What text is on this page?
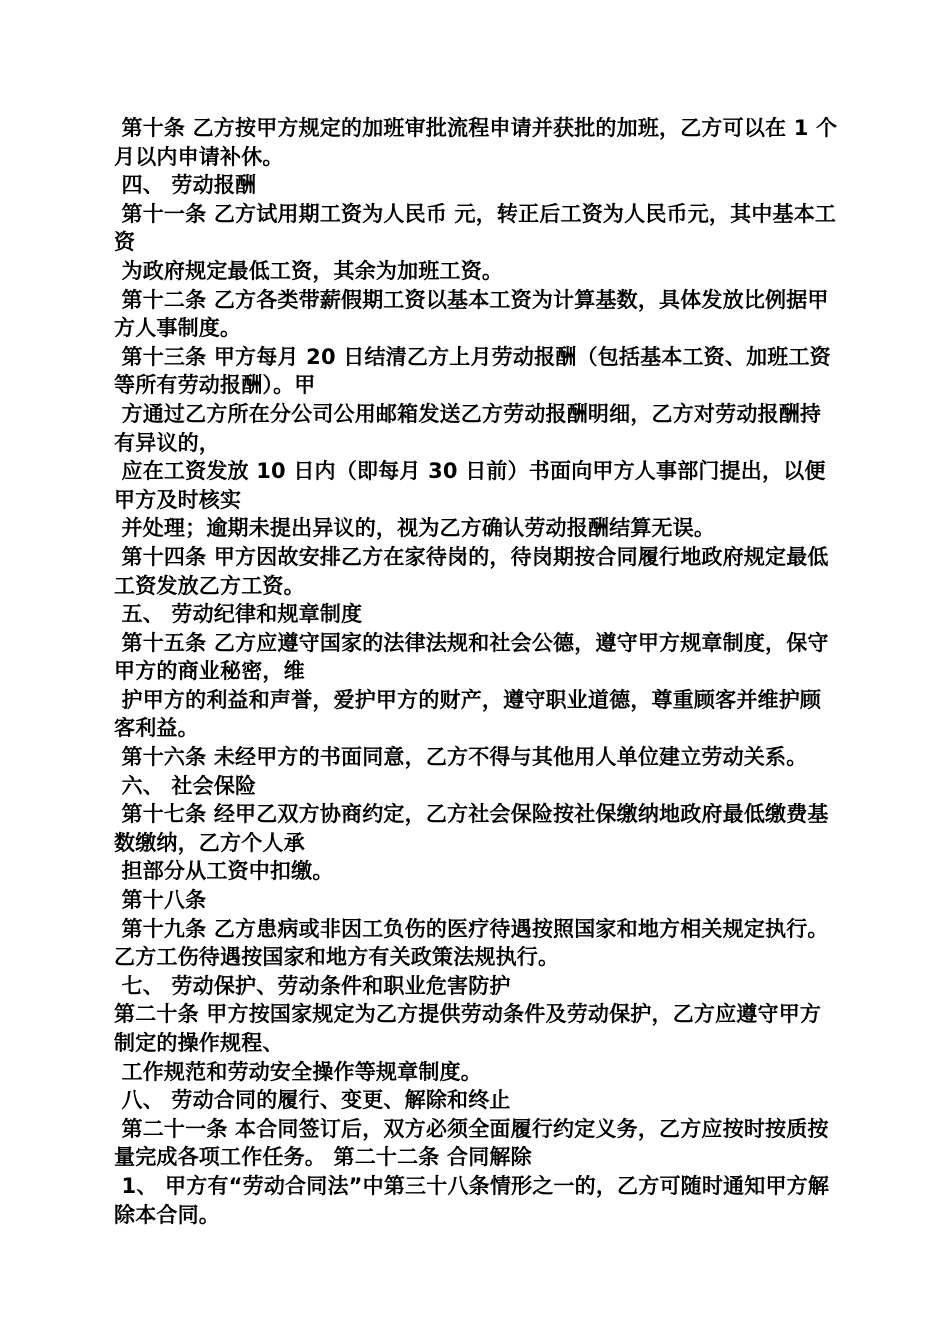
第十条 乙方按甲方规定的加班审批流程申请并获批的加班，乙方可以在 1 个月以内申请补休。

四、 劳动报酬

第十一条 乙方试用期工资为人民币 元，转正后工资为人民币元，其中基本工资

为政府规定最低工资，其余为加班工资。

第十二条 乙方各类带薪假期工资以基本工资为计算基数，具体发放比例据甲方人事制度。

第十三条 甲方每月 20 日结清乙方上月劳动报酬（包括基本工资、加班工资等所有劳动报酬）。甲

方通过乙方所在分公司公用邮箱发送乙方劳动报酬明细，乙方对劳动报酬持有异议的，

应在工资发放 10 日内（即每月 30 日前）书面向甲方人事部门提出，以便甲方及时核实

并处理；逾期未提出异议的，视为乙方确认劳动报酬结算无误。

第十四条 甲方因故安排乙方在家待岗的，待岗期按合同履行地政府规定最低工资发放乙方工资。

五、 劳动纪律和规章制度

第十五条 乙方应遵守国家的法律法规和社会公德，遵守甲方规章制度，保守甲方的商业秘密，维

护甲方的利益和声誉，爱护甲方的财产，遵守职业道德，尊重顾客并维护顾客利益。

第十六条 未经甲方的书面同意，乙方不得与其他用人单位建立劳动关系。

六、 社会保险

第十七条 经甲乙双方协商约定，乙方社会保险按社保缴纳地政府最低缴费基数缴纳，乙方个人承

担部分从工资中扣缴。

第十八条

第十九条 乙方患病或非因工负伤的医疗待遇按照国家和地方相关规定执行。 乙方工伤待遇按国家和地方有关政策法规执行。

七、 劳动保护、劳动条件和职业危害防护

第二十条 甲方按国家规定为乙方提供劳动条件及劳动保护，乙方应遵守甲方制定的操作规程、

工作规范和劳动安全操作等规章制度。

八、 劳动合同的履行、变更、解除和终止

第二十一条 本合同签订后，双方必须全面履行约定义务，乙方应按时按质按量完成各项工作任务。 第二十二条 合同解除

1、 甲方有“劳动合同法”中第三十八条情形之一的，乙方可随时通知甲方解除本合同。
